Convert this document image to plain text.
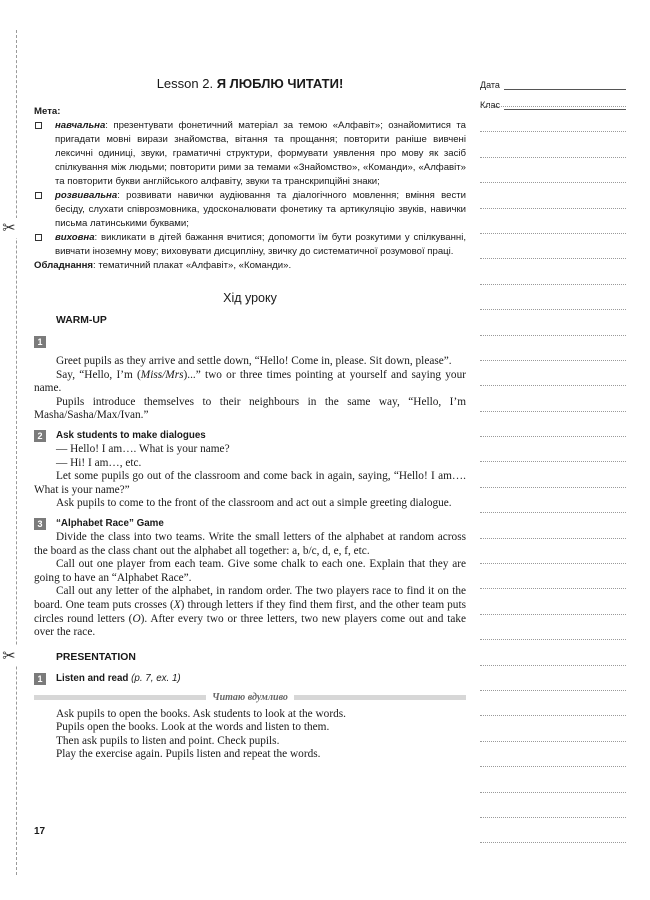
✂
✂
Дата
Клас
Lesson 2. Я ЛЮБЛЮ ЧИТАТИ!
Мета:
навчальна: презентувати фонетичний матеріал за темою «Алфавіт»; ознайомитися та пригадати мовні вирази знайомства, вітання та прощання; повторити раніше вивчені лексичні одиниці, звуки, граматичні структури, формувати уявлення про мову як засіб спілкування між людьми; повторити рими за темами «Знайомство», «Команди», «Алфавіт» та повторити букви англійського алфавіту, звуки та транскрипційні знаки;
розвивальна: розвивати навички аудіювання та діалогічного мовлення; вміння вести бесіду, слухати співрозмовника, удосконалювати фонетику та артикуляцію звуків, навички письма латинськими буквами;
виховна: викликати в дітей бажання вчитися; допомогти їм бути розкутими у спілкуванні, вивчати іноземну мову; виховувати дисципліну, звичку до систематичної розумової праці.
Обладнання: тематичний плакат «Алфавіт», «Команди».
Хід уроку
WARM-UP
1

Greet pupils as they arrive and settle down, “Hello! Come in, please. Sit down, please”.

Say, “Hello, I’m (Miss/Mrs)...” two or three times pointing at yourself and saying your name.

Pupils introduce themselves to their neighbours in the same way, “Hello, I’m Masha/Sasha/Max/Ivan.”

2	Ask students to make dialogues

— Hello! I am…. What is your name?

— Hi! I am…, etc.

Let some pupils go out of the classroom and come back in again, saying, “Hello! I am…. What is your name?”

Ask pupils to come to the front of the classroom and act out a simple greeting dialogue.

3	“Alphabet Race” Game

Divide the class into two teams. Write the small letters of the alphabet at random across the board as the class chant out the alphabet all together: a, b/c, d, e, f, etc.

Call out one player from each team. Give some chalk to each one. Explain that they are going to have an “Alphabet Race”.

Call out any letter of the alphabet, in random order. The two players race to find it on the board. One team puts crosses (X) through letters if they find them first, and the other team puts circles round letters (O). After every two or three letters, two new players come out and take over the race.

PRESENTATION
1	Listen and read (p. 7, ex. 1)
Читаю вдумливо

Ask pupils to open the books. Ask students to look at the words.

Pupils open the books. Look at the words and listen to them.

Then ask pupils to listen and point. Check pupils.

Play the exercise again. Pupils listen and repeat the words.

17
